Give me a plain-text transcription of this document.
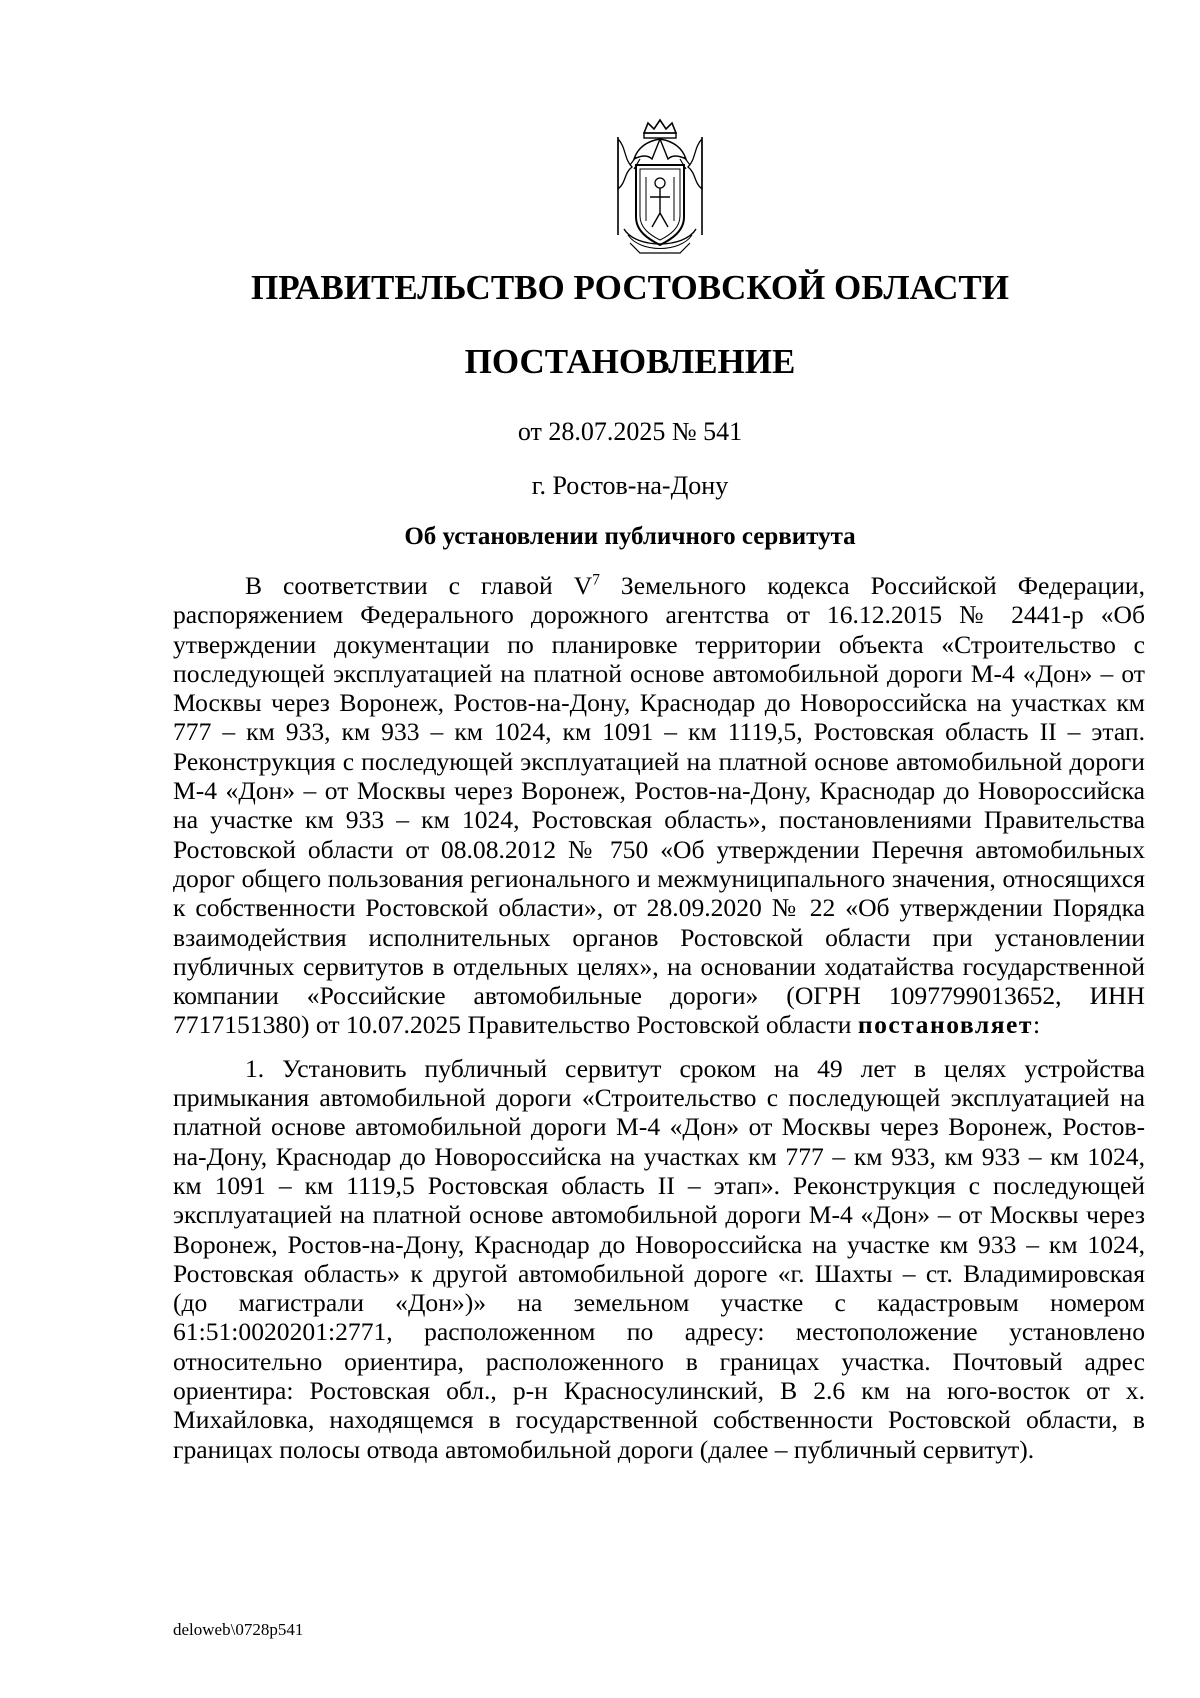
ПРАВИТЕЛЬСТВО РОСТОВСКОЙ ОБЛАСТИ
ПОСТАНОВЛЕНИЕ

от 28.07.2025 № 541

г. Ростов-на-Дону

Об установлении публичного сервитута

В соответствии с главой $V^7$ Земельного кодекса Российской Федерации, распоряжением Федерального дорожного агентства от 16.12.2015 № 2441-р «Об утверждении документации по планировке территории объекта «Строительство с последующей эксплуатацией на платной основе автомобильной дороги М-4 «Дон» – от Москвы через Воронеж, Ростов-на-Дону, Краснодар до Новороссийска на участках км 777 – км 933, км 933 – км 1024, км 1091 – км 1119,5, Ростовская область II – этап. Реконструкция с последующей эксплуатацией на платной основе автомобильной дороги М-4 «Дон» – от Москвы через Воронеж, Ростов-на-Дону, Краснодар до Новороссийска на участке км 933 – км 1024, Ростовская область», постановлениями Правительства Ростовской области от 08.08.2012 № 750 «Об утверждении Перечня автомобильных дорог общего пользования регионального и межмуниципального значения, относящихся к собственности Ростовской области», от 28.09.2020 № 22 «Об утверждении Порядка взаимодействия исполнительных органов Ростовской области при установлении публичных сервитутов в отдельных целях», на основании ходатайства государственной компании «Российские автомобильные дороги» (ОГРН 1097799013652, ИНН 7717151380) от 10.07.2025 Правительство Ростовской области постановляет:

1. Установить публичный сервитут сроком на 49 лет в целях устройства примыкания автомобильной дороги «Строительство с последующей эксплуатацией на платной основе автомобильной дороги М-4 «Дон» от Москвы через Воронеж, Ростов-на-Дону, Краснодар до Новороссийска на участках км 777 – км 933, км 933 – км 1024, км 1091 – км 1119,5 Ростовская область II – этап». Реконструкция с последующей эксплуатацией на платной основе автомобильной дороги М-4 «Дон» – от Москвы через Воронеж, Ростов-на-Дону, Краснодар до Новороссийска на участке км 933 – км 1024, Ростовская область» к другой автомобильной дороге «г. Шахты – ст. Владимировская (до магистрали «Дон»)» на земельном участке с кадастровым номером 61:51:0020201:2771, расположенном по адресу: местоположение установлено относительно ориентира, расположенного в границах участка. Почтовый адрес ориентира: Ростовская обл., р-н Красносулинский, В 2.6 км на юго-восток от х. Михайловка, находящемся в государственной собственности Ростовской области, в границах полосы отвода автомобильной дороги (далее – публичный сервитут).

deloweb\0728p541
